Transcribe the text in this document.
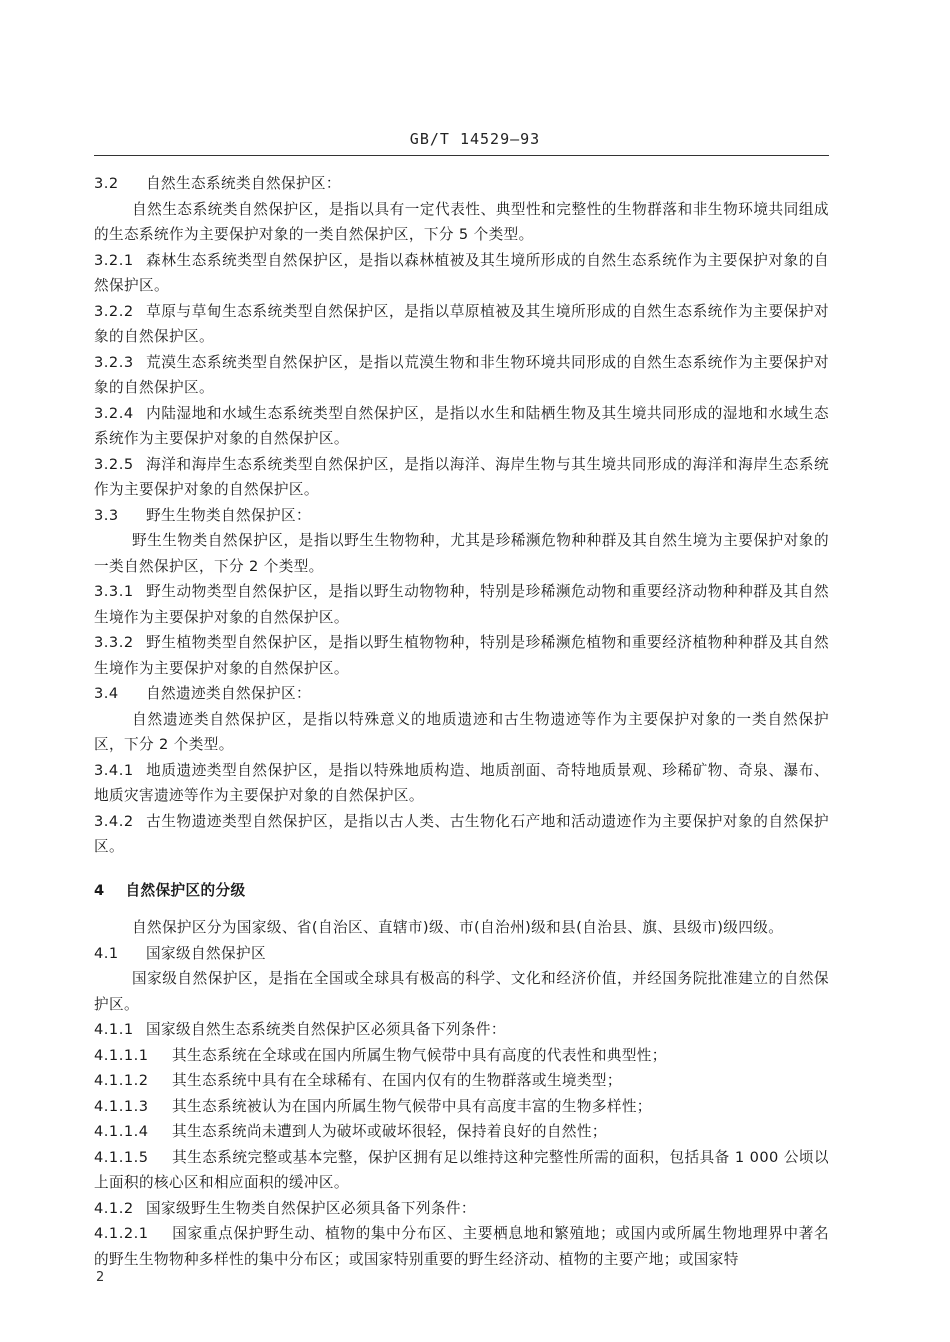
GB/T 14529—93
3.2 自然生态系统类自然保护区：
自然生态系统类自然保护区，是指以具有一定代表性、典型性和完整性的生物群落和非生物环境共同组成的生态系统作为主要保护对象的一类自然保护区，下分 5 个类型。
3.2.1 森林生态系统类型自然保护区，是指以森林植被及其生境所形成的自然生态系统作为主要保护对象的自然保护区。
3.2.2 草原与草甸生态系统类型自然保护区，是指以草原植被及其生境所形成的自然生态系统作为主要保护对象的自然保护区。
3.2.3 荒漠生态系统类型自然保护区，是指以荒漠生物和非生物环境共同形成的自然生态系统作为主要保护对象的自然保护区。
3.2.4 内陆湿地和水域生态系统类型自然保护区，是指以水生和陆栖生物及其生境共同形成的湿地和水域生态系统作为主要保护对象的自然保护区。
3.2.5 海洋和海岸生态系统类型自然保护区，是指以海洋、海岸生物与其生境共同形成的海洋和海岸生态系统作为主要保护对象的自然保护区。
3.3 野生生物类自然保护区：
野生生物类自然保护区，是指以野生生物物种，尤其是珍稀濒危物种种群及其自然生境为主要保护对象的一类自然保护区，下分 2 个类型。
3.3.1 野生动物类型自然保护区，是指以野生动物物种，特别是珍稀濒危动物和重要经济动物种种群及其自然生境作为主要保护对象的自然保护区。
3.3.2 野生植物类型自然保护区，是指以野生植物物种，特别是珍稀濒危植物和重要经济植物种种群及其自然生境作为主要保护对象的自然保护区。
3.4 自然遗迹类自然保护区：
自然遗迹类自然保护区，是指以特殊意义的地质遗迹和古生物遗迹等作为主要保护对象的一类自然保护区，下分 2 个类型。
3.4.1 地质遗迹类型自然保护区，是指以特殊地质构造、地质剖面、奇特地质景观、珍稀矿物、奇泉、瀑布、地质灾害遗迹等作为主要保护对象的自然保护区。
3.4.2 古生物遗迹类型自然保护区，是指以古人类、古生物化石产地和活动遗迹作为主要保护对象的自然保护区。
4 自然保护区的分级
自然保护区分为国家级、省(自治区、直辖市)级、市(自治州)级和县(自治县、旗、县级市)级四级。
4.1 国家级自然保护区
国家级自然保护区，是指在全国或全球具有极高的科学、文化和经济价值，并经国务院批准建立的自然保护区。
4.1.1 国家级自然生态系统类自然保护区必须具备下列条件：
4.1.1.1 其生态系统在全球或在国内所属生物气候带中具有高度的代表性和典型性；
4.1.1.2 其生态系统中具有在全球稀有、在国内仅有的生物群落或生境类型；
4.1.1.3 其生态系统被认为在国内所属生物气候带中具有高度丰富的生物多样性；
4.1.1.4 其生态系统尚未遭到人为破坏或破坏很轻，保持着良好的自然性；
4.1.1.5 其生态系统完整或基本完整，保护区拥有足以维持这种完整性所需的面积，包括具备 1 000 公顷以上面积的核心区和相应面积的缓冲区。
4.1.2 国家级野生生物类自然保护区必须具备下列条件：
4.1.2.1 国家重点保护野生动、植物的集中分布区、主要栖息地和繁殖地；或国内或所属生物地理界中著名的野生生物物种多样性的集中分布区；或国家特别重要的野生经济动、植物的主要产地；或国家特
2
